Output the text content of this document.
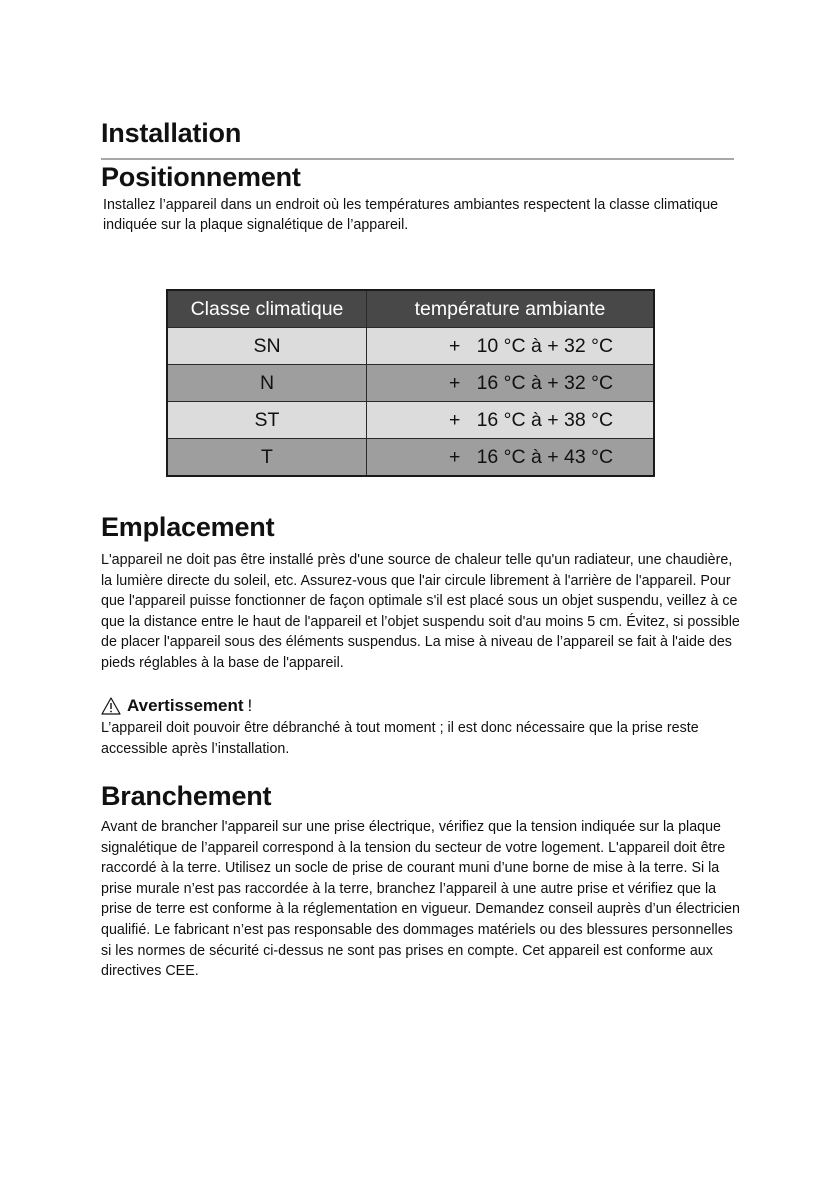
Installation
Positionnement

Installez l’appareil dans un endroit où les températures ambiantes respectent la classe climatique indiquée sur la plaque signalétique de l’appareil.

Classe climatique	température ambiante
SN	+   10 °C à + 32 °C
N	+   16 °C à + 32 °C
ST	+   16 °C à + 38 °C
T	+   16 °C à + 43 °C
Emplacement

L'appareil ne doit pas être installé près d'une source de chaleur telle qu'un radiateur, une chaudière, la lumière directe du soleil, etc. Assurez-vous que l'air circule librement à l'arrière de l'appareil. Pour que l'appareil puisse fonctionner de façon optimale s'il est placé sous un objet suspendu, veillez à ce que la distance entre le haut de l'appareil et l’objet suspendu soit d'au moins 5 cm. Évitez, si possible de placer l'appareil sous des éléments suspendus. La mise à niveau de l’appareil se fait à l'aide des pieds réglables à la base de l'appareil.

Avertissement !

L’appareil doit pouvoir être débranché à tout moment ; il est donc nécessaire que la prise reste accessible après l’installation.

Branchement

Avant de brancher l'appareil sur une prise électrique, vérifiez que la tension indiquée sur la plaque signalétique de l’appareil correspond à la tension du secteur de votre logement. L'appareil doit être raccordé à la terre. Utilisez un socle de prise de courant muni d’une borne de mise à la terre. Si la prise murale n’est pas raccordée à la terre, branchez l’appareil à une autre prise et vérifiez que la prise de terre est conforme à la réglementation en vigueur. Demandez conseil auprès d’un électricien qualifié. Le fabricant n’est pas responsable des dommages matériels ou des blessures personnelles si les normes de sécurité ci-dessus ne sont pas prises en compte. Cet appareil est conforme aux directives CEE.
